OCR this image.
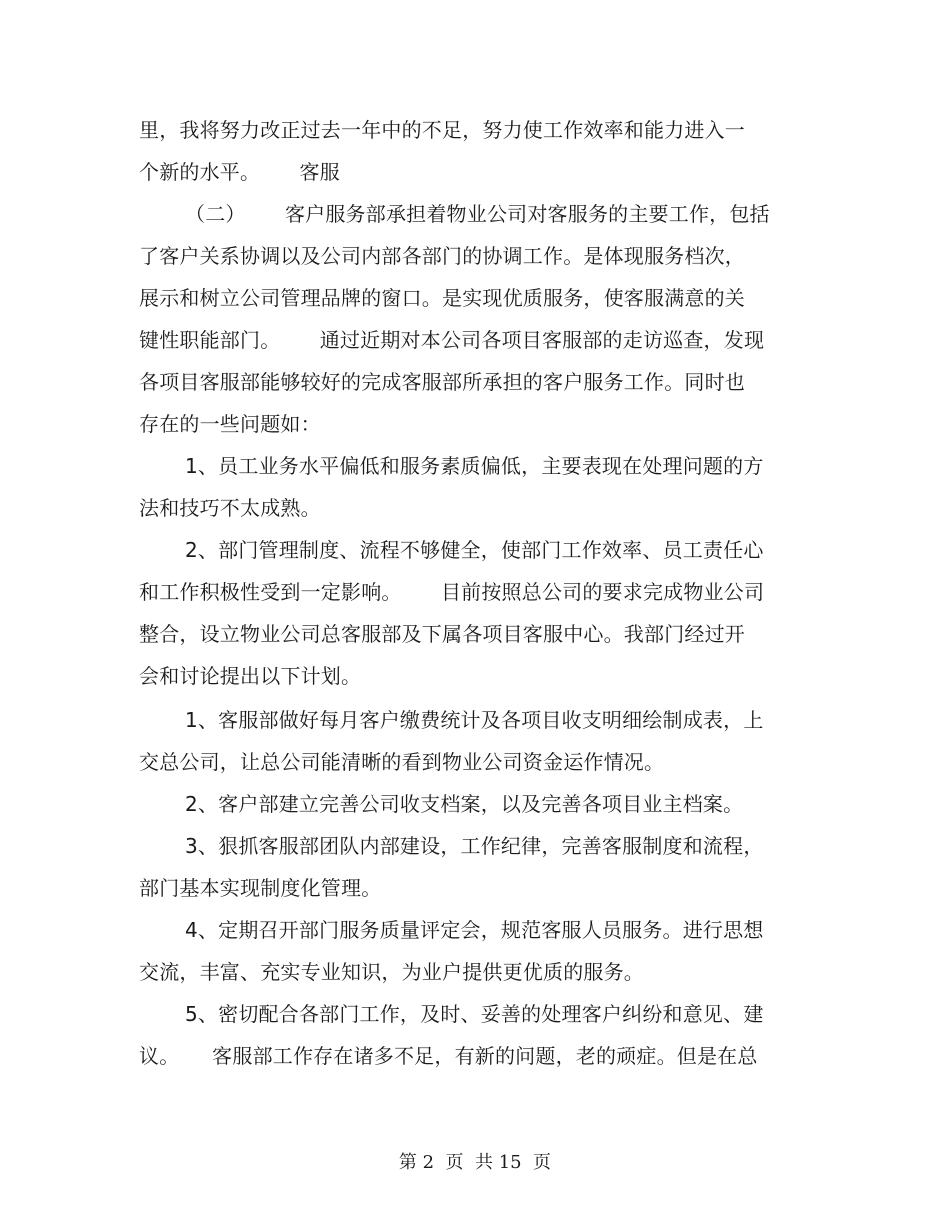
里，我将努力改正过去一年中的不足，努力使工作效率和能力进入一
个新的水平。      客服
（二）      客户服务部承担着物业公司对客服务的主要工作，包括
了客户关系协调以及公司内部各部门的协调工作。是体现服务档次，
展示和树立公司管理品牌的窗口。是实现优质服务，使客服满意的关
键性职能部门。      通过近期对本公司各项目客服部的走访巡查，发现
各项目客服部能够较好的完成客服部所承担的客户服务工作。同时也
存在的一些问题如：
1、员工业务水平偏低和服务素质偏低，主要表现在处理问题的方
法和技巧不太成熟。
2、部门管理制度、流程不够健全，使部门工作效率、员工责任心
和工作积极性受到一定影响。      目前按照总公司的要求完成物业公司
整合，设立物业公司总客服部及下属各项目客服中心。我部门经过开
会和讨论提出以下计划。
1、客服部做好每月客户缴费统计及各项目收支明细绘制成表，上
交总公司，让总公司能清晰的看到物业公司资金运作情况。
2、客户部建立完善公司收支档案，以及完善各项目业主档案。
3、狠抓客服部团队内部建设，工作纪律，完善客服制度和流程，
部门基本实现制度化管理。
4、定期召开部门服务质量评定会，规范客服人员服务。进行思想
交流，丰富、充实专业知识，为业户提供更优质的服务。
5、密切配合各部门工作，及时、妥善的处理客户纠纷和意见、建
议。     客服部工作存在诸多不足，有新的问题，老的顽症。但是在总
第 2  页  共 15  页
